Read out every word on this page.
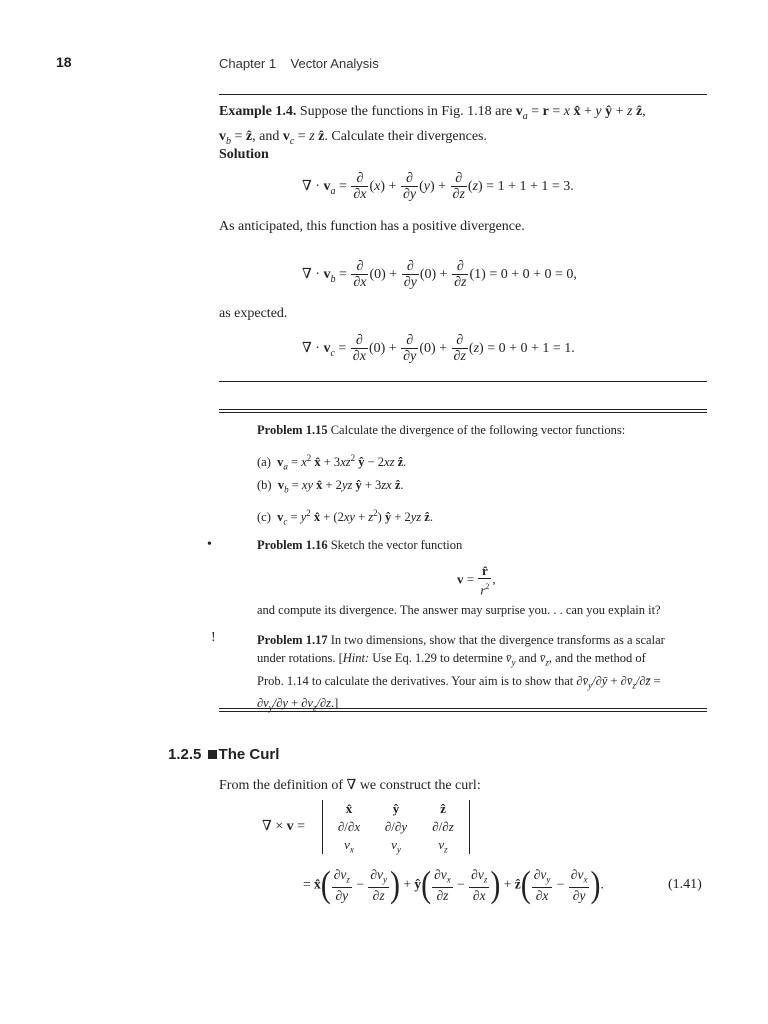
18	Chapter 1    Vector Analysis
Example 1.4. Suppose the functions in Fig. 1.18 are $v_a = r = x$ x̂ + y ŷ + z ẑ,
$v_b$ = ẑ, and $v_c = z$ ẑ. Calculate their divergences.
Solution
∇ · $v_a = \frac{\partial}{\partial x} (x) + \frac{\partial}{\partial y} (y) + \frac{\partial}{\partial z} (z) = 1 + 1 + 1 = 3$.
As anticipated, this function has a positive divergence.
∇ · $v_b = \frac{\partial}{\partial x} (0) + \frac{\partial}{\partial y} (0) + \frac{\partial}{\partial z} (1) = 0 + 0 + 0 = 0$,
as expected.
∇ · $v_c = \frac{\partial}{\partial x} (0) + \frac{\partial}{\partial y} (0) + \frac{\partial}{\partial z} (z) = 0 + 0 + 1 = 1$.
Problem 1.15 Calculate the divergence of the following vector functions:
(a)  $v_a = x^2$ x̂ + $3xz^2$ ŷ − 2xz ẑ.
(b)  $v_b$ = xy x̂ + 2yz ŷ + 3zx ẑ.
(c)  $v_c = y^2$ x̂ + $(2xy + z^2)$ ŷ + 2yz ẑ.
•	Problem 1.16 Sketch the vector function
$v = \frac{r̂}{r^2}$ ,
and compute its divergence. The answer may surprise you. . . can you explain it?
!	Problem 1.17 In two dimensions, show that the divergence transforms as a scalar
under rotations. [Hint: Use Eq. 1.29 to determine $v̄_y$ and $v̄_z$, and the method of
Prob. 1.14 to calculate the derivatives. Your aim is to show that $\partial v̄_y/\partial ȳ$ + $\partial v̄_z/\partial z̄$ =
$\partial v_y/\partial y + \partial v_z/\partial z$.]
1.2.5 The Curl
From the definition of ∇ we construct the curl:
∇ × v =
x̂	ŷ	ẑ
∂/∂x	∂/∂y	∂/∂z
$v_x$	$v_y$	$v_z$
= x̂( $\frac{\partial v_z}{\partial y} - \frac{\partial v_y}{\partial z}$ ) + ŷ( $\frac{\partial v_x}{\partial z} - \frac{\partial v_z}{\partial x}$ ) + ẑ( $\frac{\partial v_y}{\partial x} - \frac{\partial v_x}{\partial y}$ ).	(1.41)
